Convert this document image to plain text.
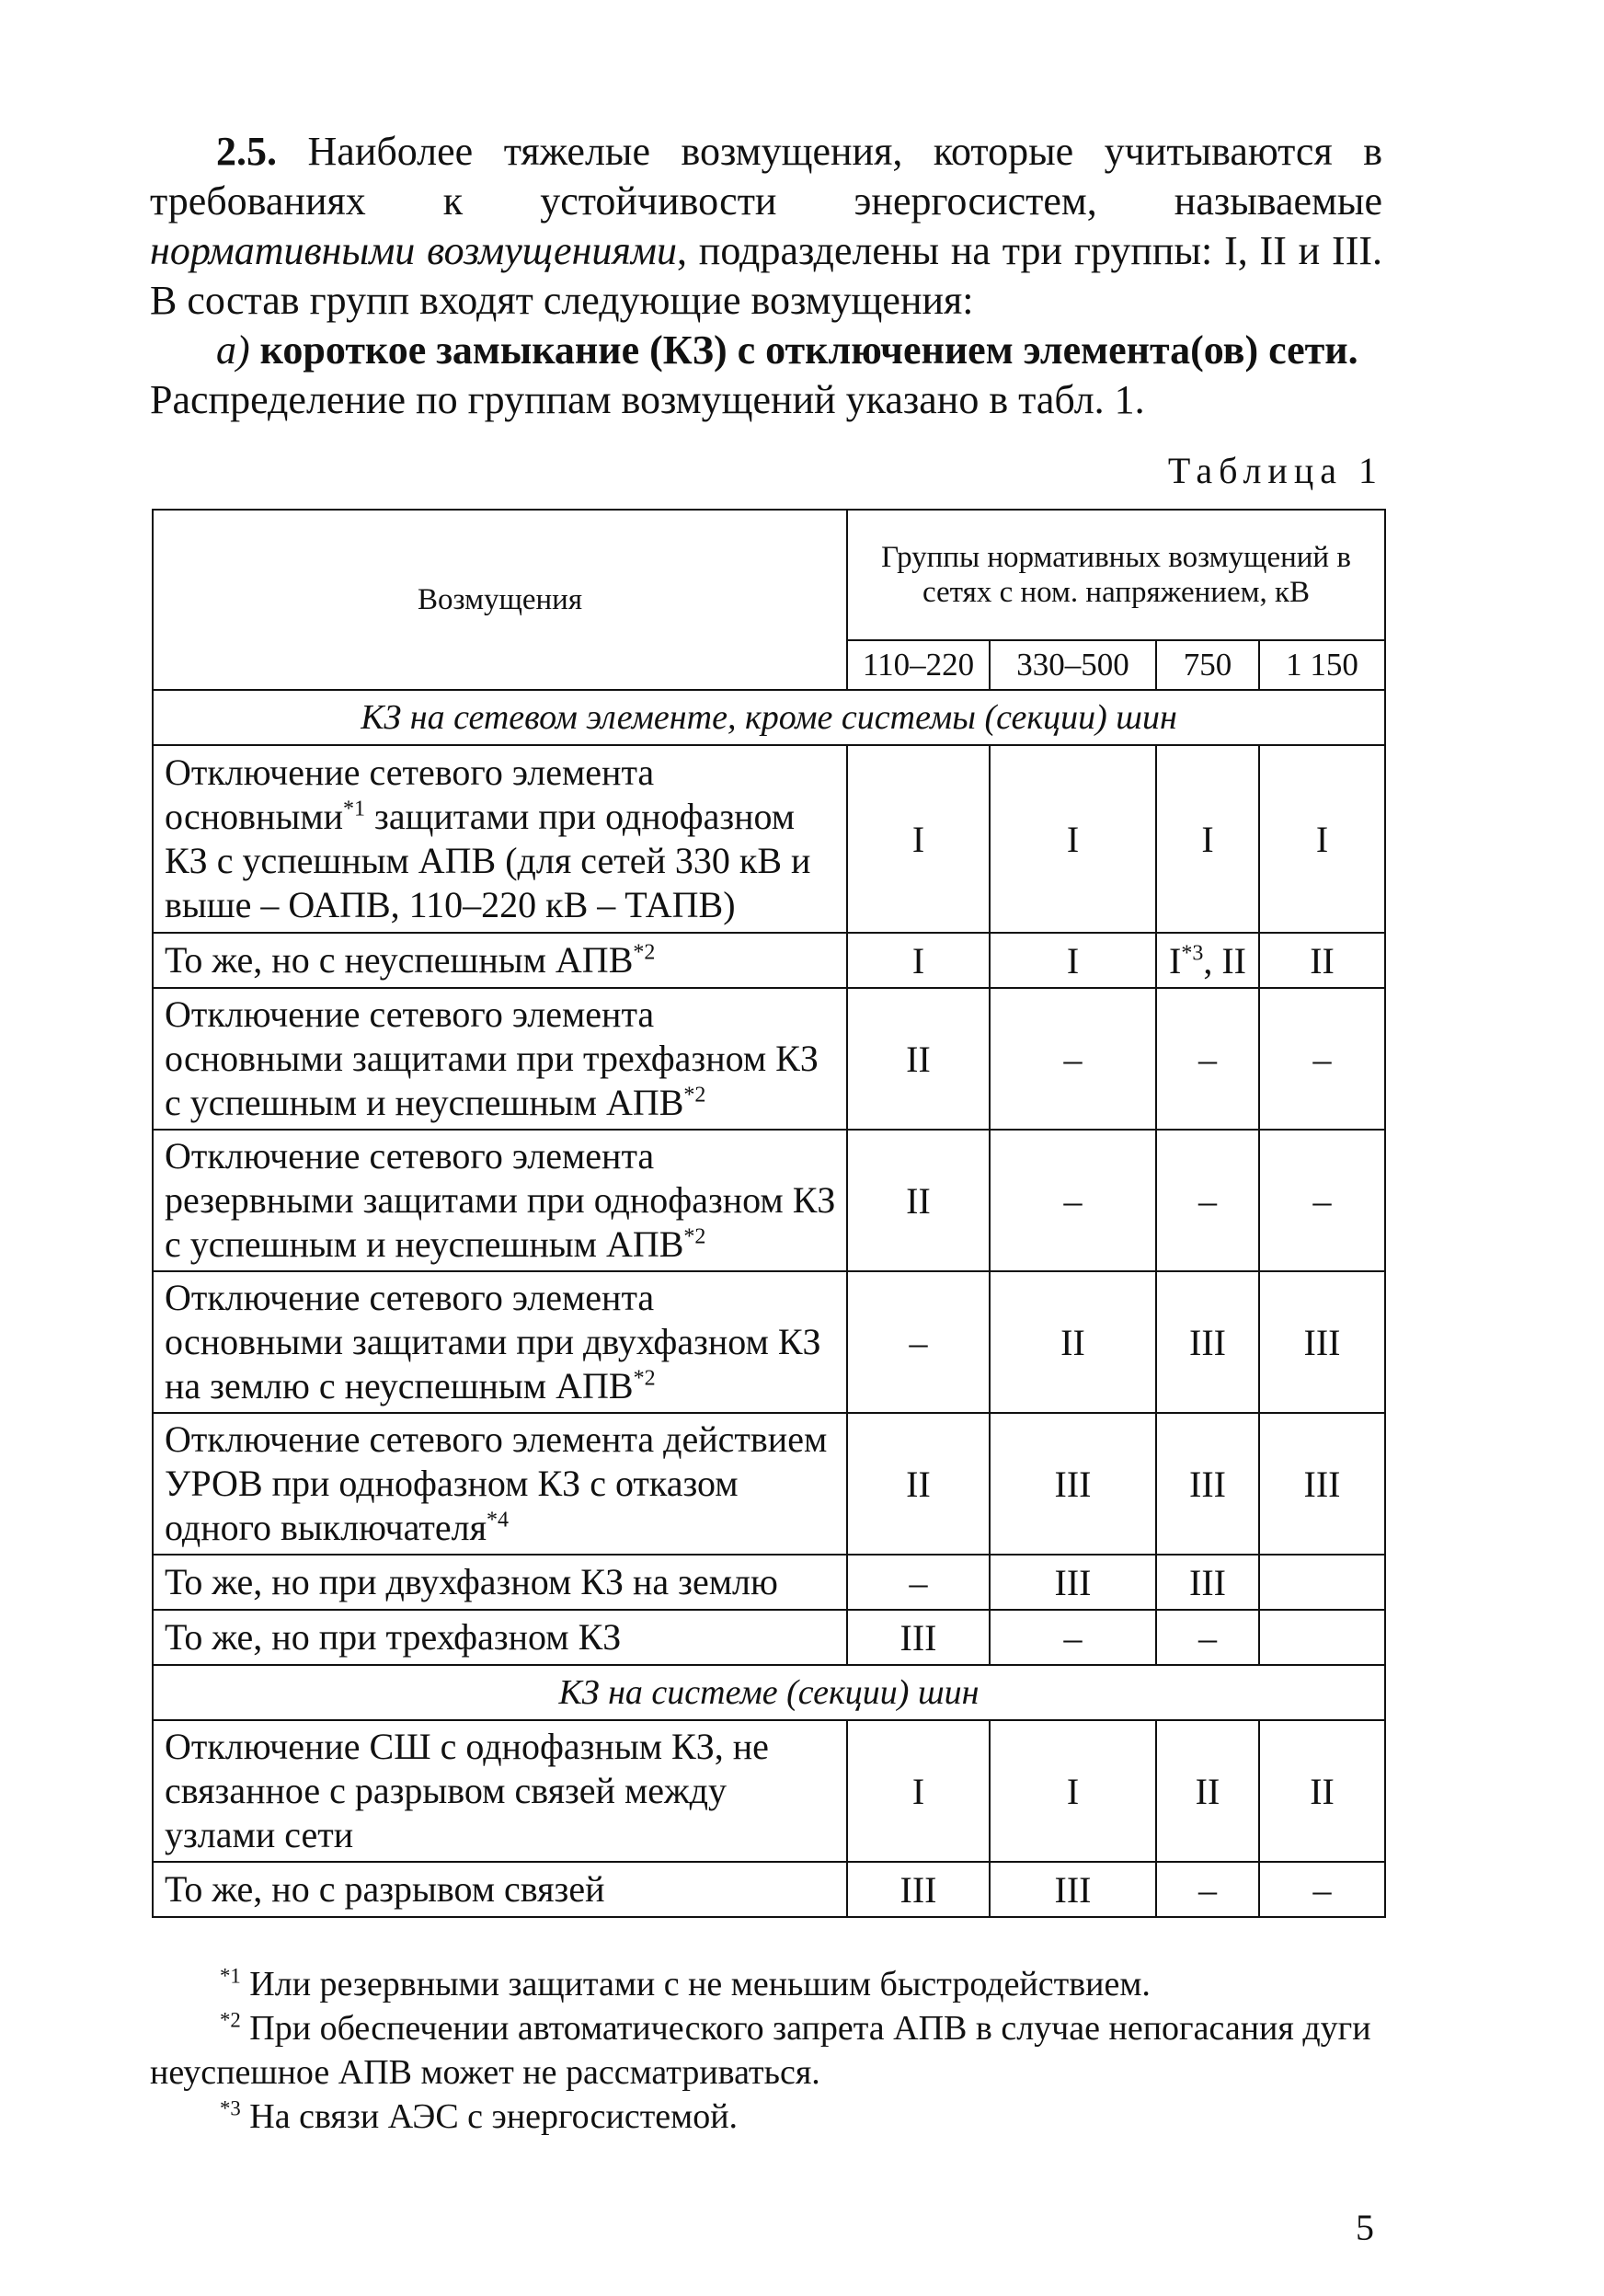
2.5. Наиболее тяжелые возмущения, которые учитываются в требованиях к устойчивости энергосистем, называемые нормативными возмущениями, подразделены на три группы: I, II и III. В состав групп входят следующие возмущения:

а) короткое замыкание (КЗ) с отключением элемента(ов) сети.
Распределение по группам возмущений указано в табл. 1.

Таблица 1
Возмущения	Группы нормативных возмущений в сетях с ном. напряжением, кВ			
	110–220	330–500	750	1 150
КЗ на сетевом элементе, кроме системы (секции) шин				
Отключение сетевого элемента основными$^{*1}$ защитами при однофазном КЗ с успешным АПВ (для сетей 330 кВ и выше – ОАПВ, 110–220 кВ – ТАПВ)	I	I	I	I
То же, но с неуспешным АПВ$^{*2}$	I	I	$I^{*3}$, II	II
Отключение сетевого элемента основными защитами при трехфазном КЗ с успешным и неуспешным АПВ$^{*2}$	II	–	–	–
Отключение сетевого элемента резервными защитами при однофазном КЗ с успешным и неуспешным АПВ$^{*2}$	II	–	–	–
Отключение сетевого элемента основными защитами при двухфазном КЗ на землю с неуспешным АПВ$^{*2}$	–	II	III	III
Отключение сетевого элемента действием УРОВ при однофазном КЗ с отказом одного выключателя$^{*4}$	II	III	III	III
То же, но при двухфазном КЗ на землю	–	III	III	
То же, но при трехфазном КЗ	III	–	–	
КЗ на системе (секции) шин				
Отключение СШ с однофазным КЗ, не связанное с разрывом связей между узлами сети	I	I	II	II
То же, но с разрывом связей	III	III	–	–

$^{*1}$ Или резервными защитами с не меньшим быстродействием.

$^{*2}$ При обеспечении автоматического запрета АПВ в случае непогасания дуги неуспешное АПВ может не рассматриваться.

$^{*3}$ На связи АЭС с энергосистемой.

5
